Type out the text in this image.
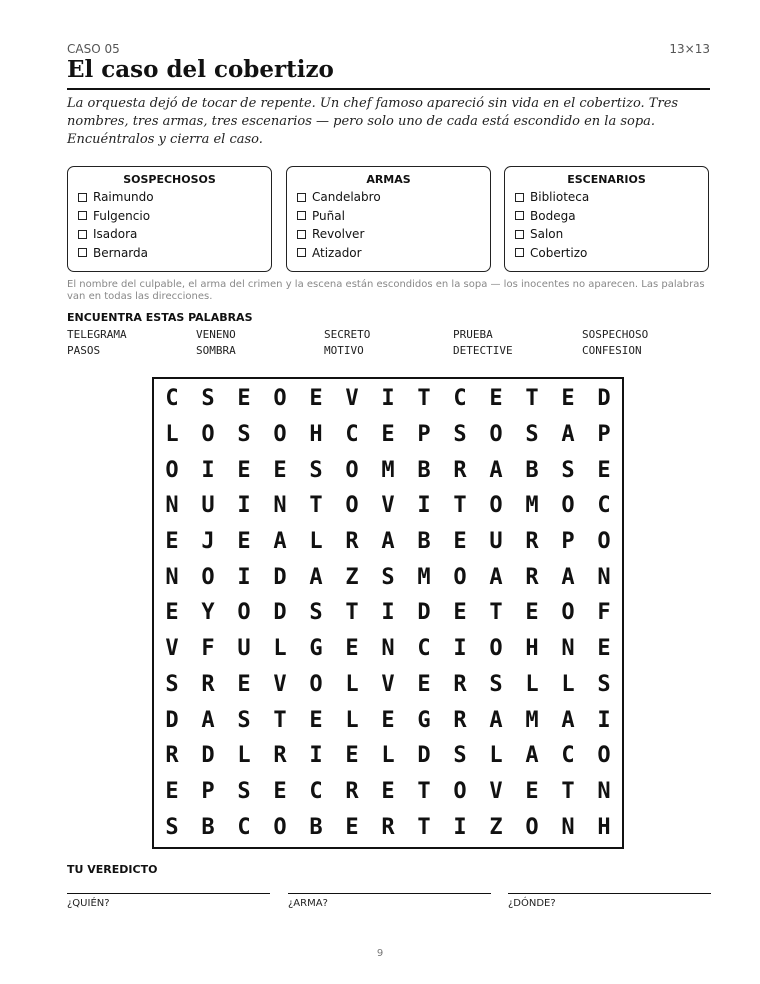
CASO 05	13×13
El caso del cobertizo

La orquesta dejó de tocar de repente. Un chef famoso apareció sin vida en el cobertizo. Tres nombres, tres armas, tres escenarios — pero solo uno de cada está escondido en la sopa. Encuéntralos y cierra el caso.

SOSPECHOSOS
Raimundo
Fulgencio
Isadora
Bernarda
ARMAS
Candelabro
Puñal
Revolver
Atizador
ESCENARIOS
Biblioteca
Bodega
Salon
Cobertizo

El nombre del culpable, el arma del crimen y la escena están escondidos en la sopa — los inocentes no aparecen. Las palabras van en todas las direcciones.

ENCUENTRA ESTAS PALABRAS
TELEGRAMA	VENENO	SECRETO	PRUEBA	SOSPECHOSO
PASOS	SOMBRA	MOTIVO	DETECTIVE	CONFESION
C	S	E	O	E	V	I	T	C	E	T	E	D
L	O	S	O	H	C	E	P	S	O	S	A	P
O	I	E	E	S	O	M	B	R	A	B	S	E
N	U	I	N	T	O	V	I	T	O	M	O	C
E	J	E	A	L	R	A	B	E	U	R	P	O
N	O	I	D	A	Z	S	M	O	A	R	A	N
E	Y	O	D	S	T	I	D	E	T	E	O	F
V	F	U	L	G	E	N	C	I	O	H	N	E
S	R	E	V	O	L	V	E	R	S	L	L	S
D	A	S	T	E	L	E	G	R	A	M	A	I
R	D	L	R	I	E	L	D	S	L	A	C	O
E	P	S	E	C	R	E	T	O	V	E	T	N
S	B	C	O	B	E	R	T	I	Z	O	N	H
TU VEREDICTO
¿QUIÉN?	¿ARMA?	¿DÓNDE?
9
